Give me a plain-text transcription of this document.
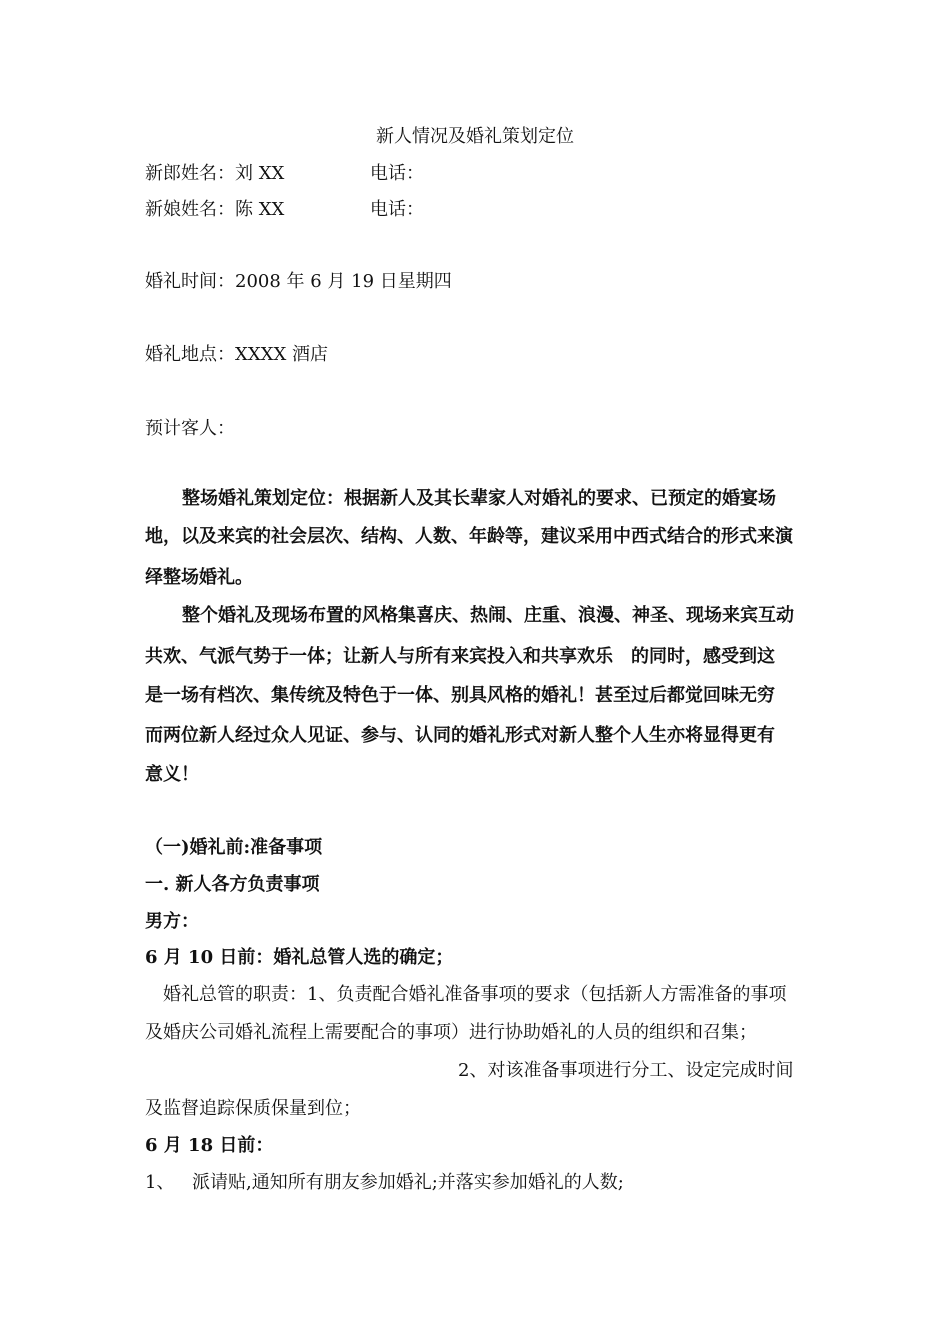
新人情况及婚礼策划定位
新郎姓名：刘 XX	电话：
新娘姓名：陈 XX	电话：
婚礼时间：2008 年 6 月 19 日星期四
婚礼地点：XXXX 酒店
预计客人：
整场婚礼策划定位：根据新人及其长辈家人对婚礼的要求、已预定的婚宴场
地，以及来宾的社会层次、结构、人数、年龄等，建议采用中西式结合的形式来演
绎整场婚礼。
整个婚礼及现场布置的风格集喜庆、热闹、庄重、浪漫、神圣、现场来宾互动
共欢、气派气势于一体；让新人与所有来宾投入和共享欢乐　的同时，感受到这
是一场有档次、集传统及特色于一体、别具风格的婚礼！甚至过后都觉回味无穷
而两位新人经过众人见证、参与、认同的婚礼形式对新人整个人生亦将显得更有
意义！
（一)婚礼前:准备事项
一. 新人各方负责事项
男方：
6 月 10 日前：婚礼总管人选的确定；
婚礼总管的职责：1、负责配合婚礼准备事项的要求（包括新人方需准备的事项
及婚庆公司婚礼流程上需要配合的事项）进行协助婚礼的人员的组织和召集；
2、对该准备事项进行分工、设定完成时间
及监督追踪保质保量到位；
6 月 18 日前：
1、 派请贴,通知所有朋友参加婚礼;并落实参加婚礼的人数;
